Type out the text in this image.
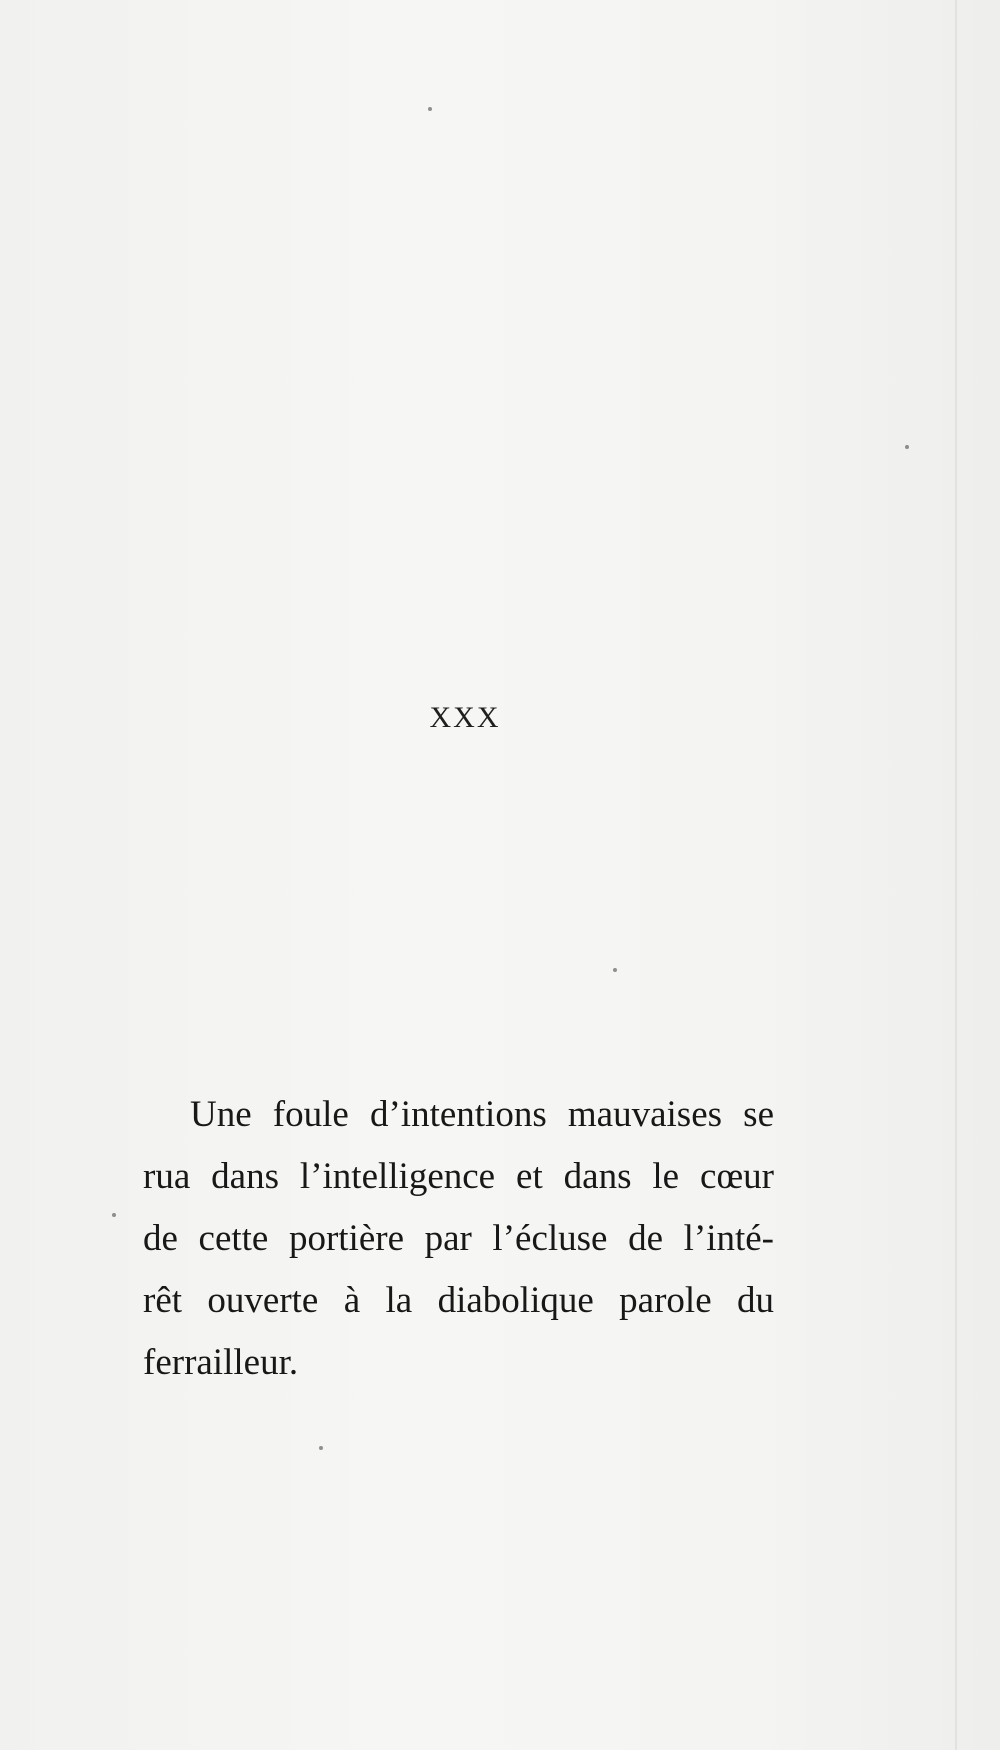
XXX

Une foule d’intentions mauvaises se
rua dans l’intelligence et dans le cœur
de cette portière par l’écluse de l’inté-
rêt ouverte à la diabolique parole du
ferrailleur.
